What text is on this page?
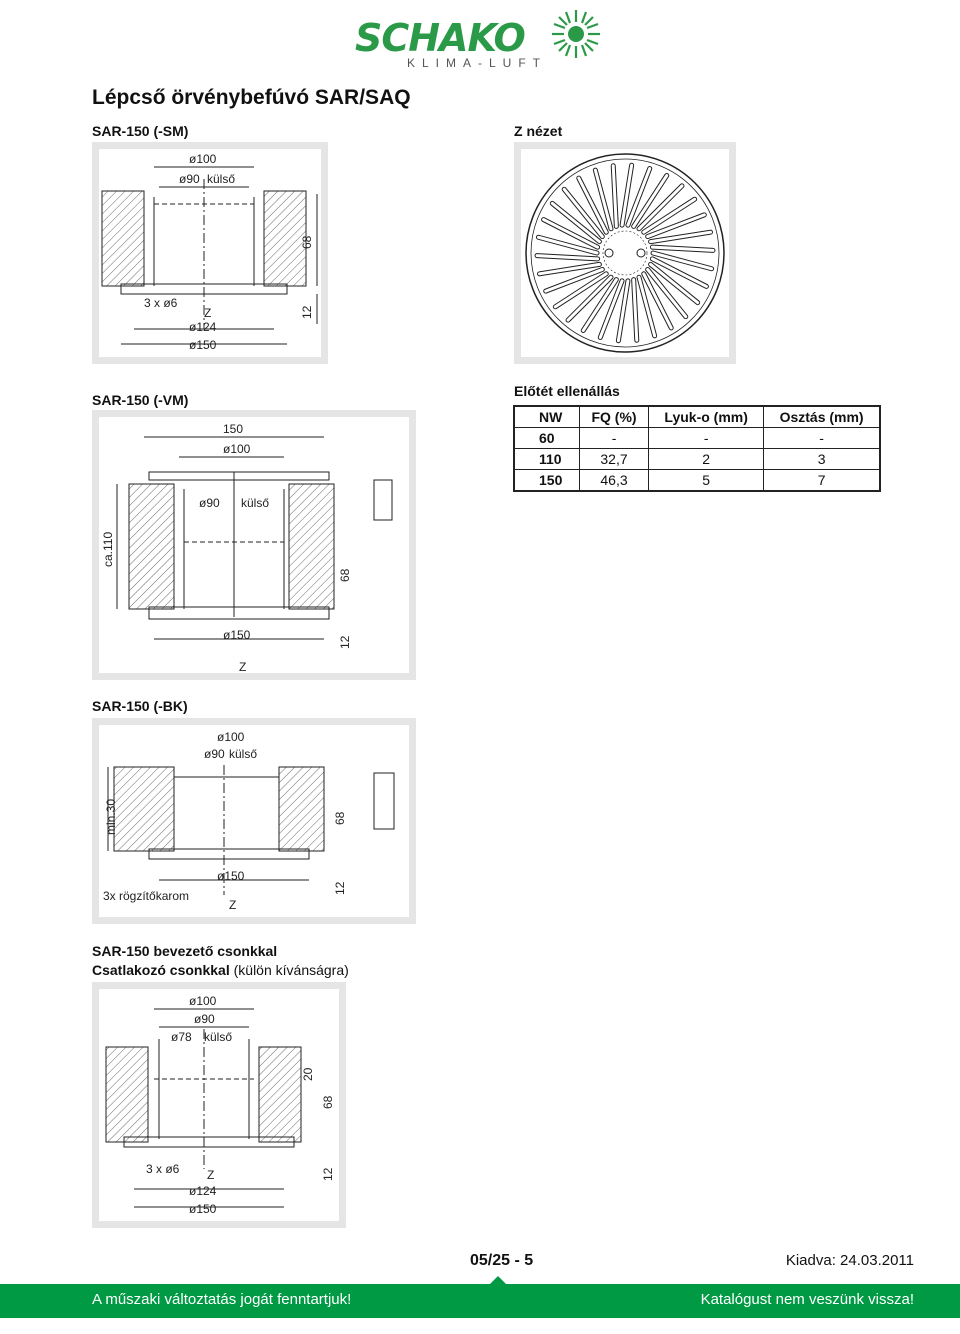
SCHAKO
KLIMA-LUFT
Lépcső örvénybefúvó SAR/SAQ
SAR-150 (-SM)
ø100
ø90 külső
3 x ø6
Z
ø124
ø150
68
12
Z nézet
SAR-150 (-VM)
150
ø100
ø90 külső
ø150
Z
ca.110
68
12
Előtét ellenállás
NW	FQ (%)	Lyuk-o (mm)	Osztás (mm)
60	-	-	-
110	32,7	2	3
150	46,3	5	7
SAR-150 (-BK)
ø100
ø90 külső
ø150
3x rögzítőkarom
Z
min.30	68
12
SAR-150 bevezető csonkkal
Csatlakozó csonkkal (külön kívánságra)
ø100
ø90
ø78 külső
3 x ø6 Z
ø124
ø150
20
68
12
05/25 - 5	Kiadva: 24.03.2011
A műszaki változtatás jogát fenntartjuk!	Katalógust nem veszünk vissza!
